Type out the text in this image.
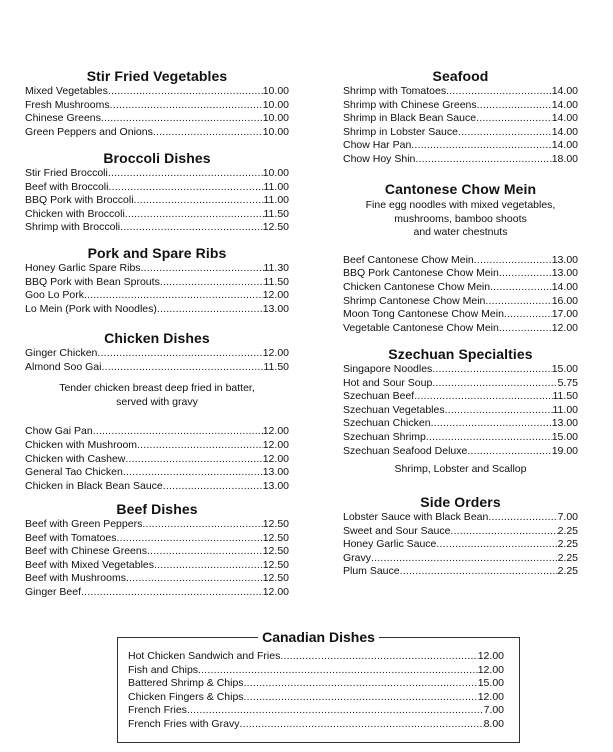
Stir Fried Vegetables
Mixed Vegetables .....	10.00
Fresh Mushrooms .....	10.00
Chinese Greens .....	10.00
Green Peppers and Onions .....	10.00
Broccoli Dishes
Stir Fried Broccoli .....	10.00
Beef with Broccoli .....	11.00
BBQ Pork with Broccoli .....	11.00
Chicken with Broccoli .....	11.50
Shrimp with Broccoli .....	12.50
Pork and Spare Ribs
Honey Garlic Spare Ribs .....	11.30
BBQ Pork with Bean Sprouts .....	11.50
Goo Lo Pork .....	12.00
Lo Mein (Pork with Noodles) .....	13.00
Chicken Dishes
Ginger Chicken .....	12.00
Almond Soo Gai .....	11.50

Tender chicken breast deep fried in batter,

served with gravy

Chow Gai Pan .....	12.00
Chicken with Mushroom .....	12.00
Chicken with Cashew .....	12.00
General Tao Chicken .....	13.00
Chicken in Black Bean Sauce .....	13.00
Beef Dishes
Beef with Green Peppers .....	12.50
Beef with Tomatoes .....	12.50
Beef with Chinese Greens .....	12.50
Beef with Mixed Vegetables .....	12.50
Beef with Mushrooms .....	12.50
Ginger Beef .....	12.00
Seafood
Shrimp with Tomatoes .....	14.00
Shrimp with Chinese Greens .....	14.00
Shrimp in Black Bean Sauce .....	14.00
Shrimp in Lobster Sauce .....	14.00
Chow Har Pan .....	14.00
Chow Hoy Shin .....	18.00
Cantonese Chow Mein

Fine egg noodles with mixed vegetables,

mushrooms, bamboo shoots

and water chestnuts

Beef Cantonese Chow Mein .....	13.00
BBQ Pork Cantonese Chow Mein .....	13.00
Chicken Cantonese Chow Mein .....	14.00
Shrimp Cantonese Chow Mein .....	16.00
Moon Tong Cantonese Chow Mein .....	17.00
Vegetable Cantonese Chow Mein .....	12.00
Szechuan Specialties
Singapore Noodles .....	15.00
Hot and Sour Soup .....	5.75
Szechuan Beef .....	11.50
Szechuan Vegetables .....	11.00
Szechuan Chicken .....	13.00
Szechuan Shrimp .....	15.00
Szechuan Seafood Deluxe .....	19.00

Shrimp, Lobster and Scallop

Side Orders
Lobster Sauce with Black Bean .....	7.00
Sweet and Sour Sauce .....	2.25
Honey Garlic Sauce .....	2.25
Gravy .....	2.25
Plum Sauce .....	2.25
Canadian Dishes
Hot Chicken Sandwich and Fries .....	12.00
Fish and Chips .....	12.00
Battered Shrimp & Chips .....	15.00
Chicken Fingers & Chips .....	12.00
French Fries .....	7.00
French Fries with Gravy .....	8.00
